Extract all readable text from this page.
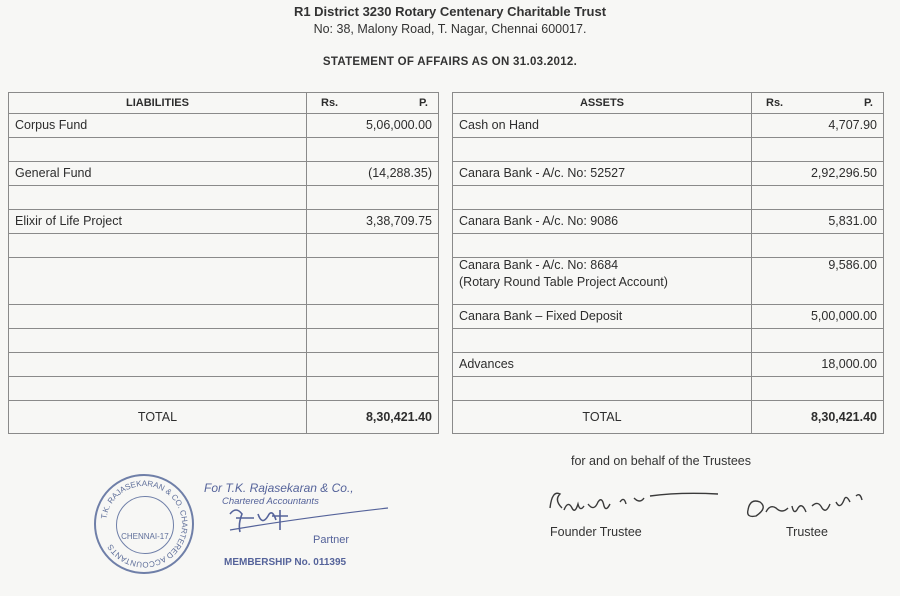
R1 District 3230 Rotary Centenary Charitable Trust
No: 38, Malony Road, T. Nagar, Chennai 600017.
STATEMENT OF AFFAIRS AS ON 31.03.2012.
LIABILITIES	Rs. P.

Corpus Fund	5,06,000.00

General Fund	(14,288.35)

Elixir of Life Project	3,38,709.75

TOTAL	8,30,421.40
ASSETS	Rs. P.

Cash on Hand	4,707.90

Canara Bank - A/c. No: 52527	2,92,296.50

Canara Bank - A/c. No: 9086	5,831.00

Canara Bank - A/c. No: 8684
(Rotary Round Table Project Account)	9,586.00

Canara Bank – Fixed Deposit	5,00,000.00

Advances	18,000.00

TOTAL	8,30,421.40
T.K. RAJASEKARAN & CO. CHARTERED ACCOUNTANTS
CHENNAI-17.
For T.K. Rajasekaran & Co.,
Chartered Accountants
Partner
MEMBERSHIP No. 011395
for and on behalf of the Trustees
Founder Trustee	Trustee
